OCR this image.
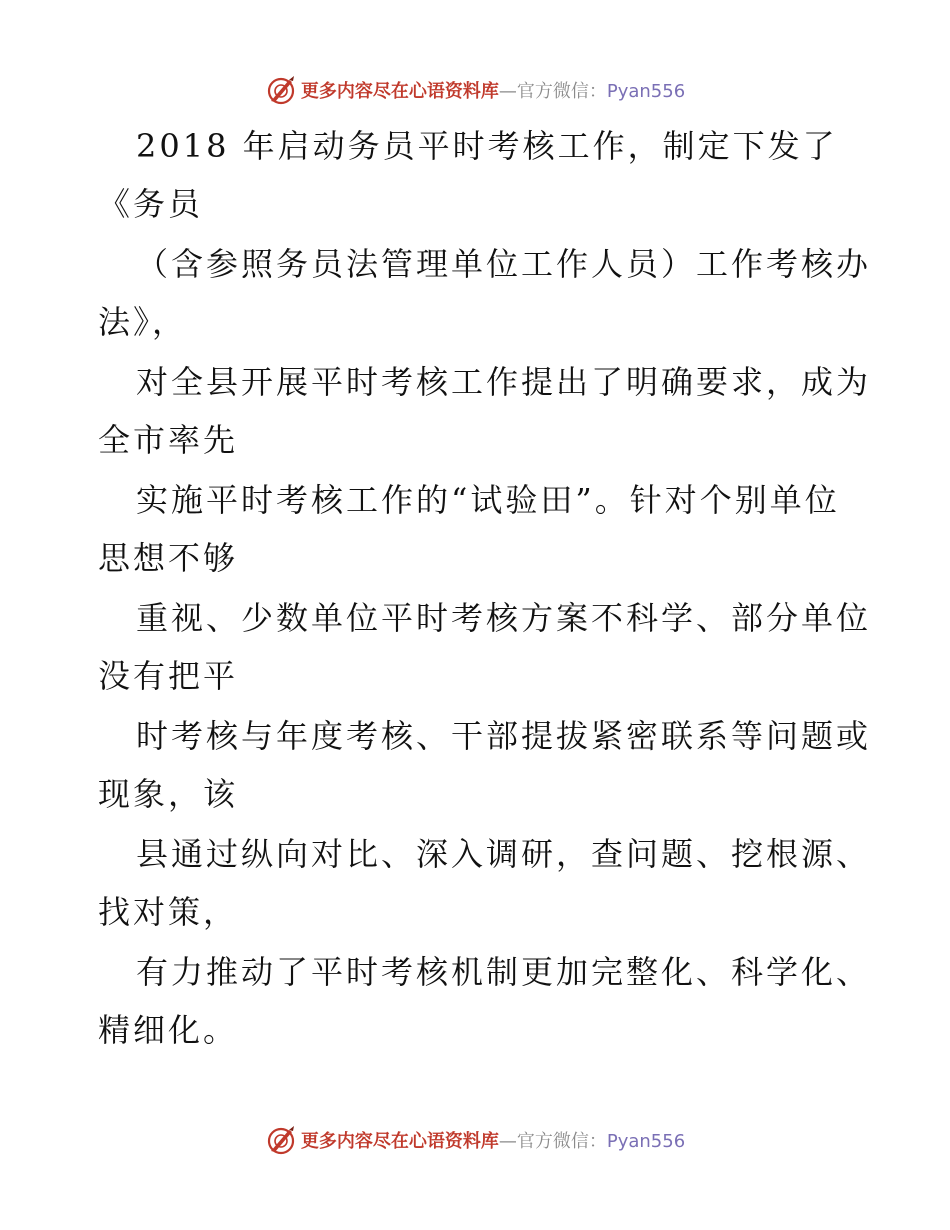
更多内容尽在心语资料库—官方微信：Pyan556
2018 年启动务员平时考核工作，制定下发了
《务员
（含参照务员法管理单位工作人员）工作考核办
法》，
对全县开展平时考核工作提出了明确要求，成为
全市率先
实施平时考核工作的“试验田”。针对个别单位
思想不够
重视、少数单位平时考核方案不科学、部分单位
没有把平
时考核与年度考核、干部提拔紧密联系等问题或
现象，该
县通过纵向对比、深入调研，查问题、挖根源、
找对策，
有力推动了平时考核机制更加完整化、科学化、
精细化。
更多内容尽在心语资料库—官方微信：Pyan556
